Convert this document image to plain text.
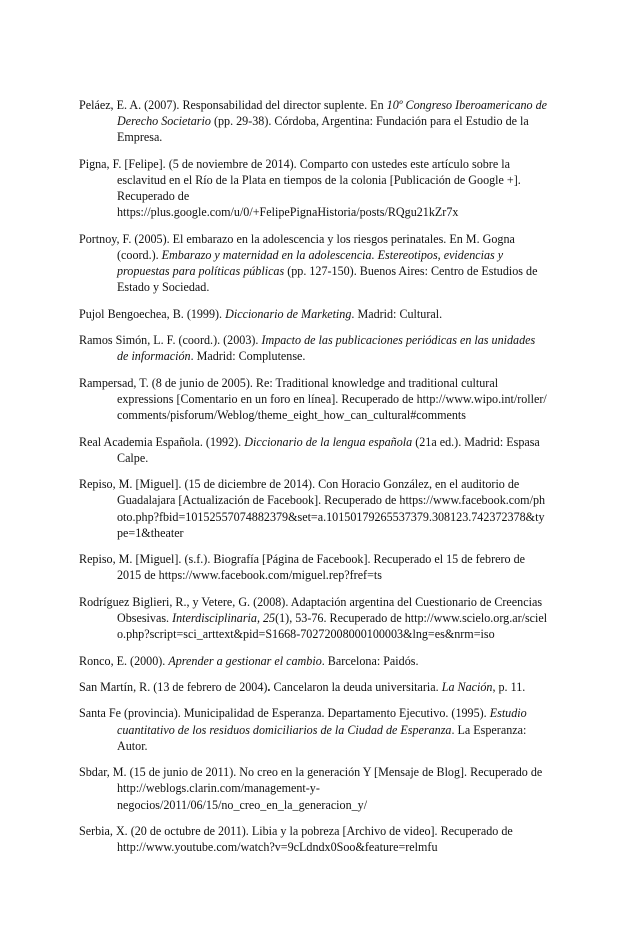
Peláez, E. A. (2007). Responsabilidad del director suplente. En 10º Congreso Iberoamericano de Derecho Societario (pp. 29-38). Córdoba, Argentina: Fundación para el Estudio de la Empresa.

Pigna, F. [Felipe]. (5 de noviembre de 2014). Comparto con ustedes este artículo sobre la esclavitud en el Río de la Plata en tiempos de la colonia [Publicación de Google +]. Recuperado de
https://plus.google.com/u/0/+FelipePignaHistoria/posts/RQgu21kZr7x

Portnoy, F. (2005). El embarazo en la adolescencia y los riesgos perinatales. En M. Gogna (coord.). Embarazo y maternidad en la adolescencia. Estereotipos, evidencias y propuestas para políticas públicas (pp. 127-150). Buenos Aires: Centro de Estudios de Estado y Sociedad.

Pujol Bengoechea, B. (1999). Diccionario de Marketing. Madrid: Cultural.

Ramos Simón, L. F. (coord.). (2003). Impacto de las publicaciones periódicas en las unidades de información. Madrid: Complutense.

Rampersad, T. (8 de junio de 2005). Re: Traditional knowledge and traditional cultural expressions [Comentario en un foro en línea]. Recuperado de http://www.wipo.int/roller/comments/pisforum/Weblog/theme_eight_how_can_cultural#comments

Real Academia Española. (1992). Diccionario de la lengua española (21a ed.). Madrid: Espasa Calpe.

Repiso, M. [Miguel]. (15 de diciembre de 2014). Con Horacio González, en el auditorio de Guadalajara [Actualización de Facebook]. Recuperado de https://www.facebook.com/photo.php?fbid=10152557074882379&set=a.10150179265537379.308123.742372378&type=1&theater

Repiso, M. [Miguel]. (s.f.). Biografía [Página de Facebook]. Recuperado el 15 de febrero de 2015 de https://www.facebook.com/miguel.rep?fref=ts

Rodríguez Biglieri, R., y Vetere, G. (2008). Adaptación argentina del Cuestionario de Creencias Obsesivas. Interdisciplinaria, 25(1), 53-76. Recuperado de http://www.scielo.org.ar/scielo.php?script=sci_arttext&pid=S1668-70272008000100003&lng=es&nrm=iso

Ronco, E. (2000). Aprender a gestionar el cambio. Barcelona: Paidós.

San Martín, R. (13 de febrero de 2004). Cancelaron la deuda universitaria. La Nación, p. 11.

Santa Fe (provincia). Municipalidad de Esperanza. Departamento Ejecutivo. (1995). Estudio cuantitativo de los residuos domiciliarios de la Ciudad de Esperanza. La Esperanza: Autor.

Sbdar, M. (15 de junio de 2011). No creo en la generación Y [Mensaje de Blog]. Recuperado de http://weblogs.clarin.com/management-y-negocios/2011/06/15/no_creo_en_la_generacion_y/

Serbia, X. (20 de octubre de 2011). Libia y la pobreza [Archivo de video]. Recuperado de http://www.youtube.com/watch?v=9cLdndx0Soo&feature=relmfu
